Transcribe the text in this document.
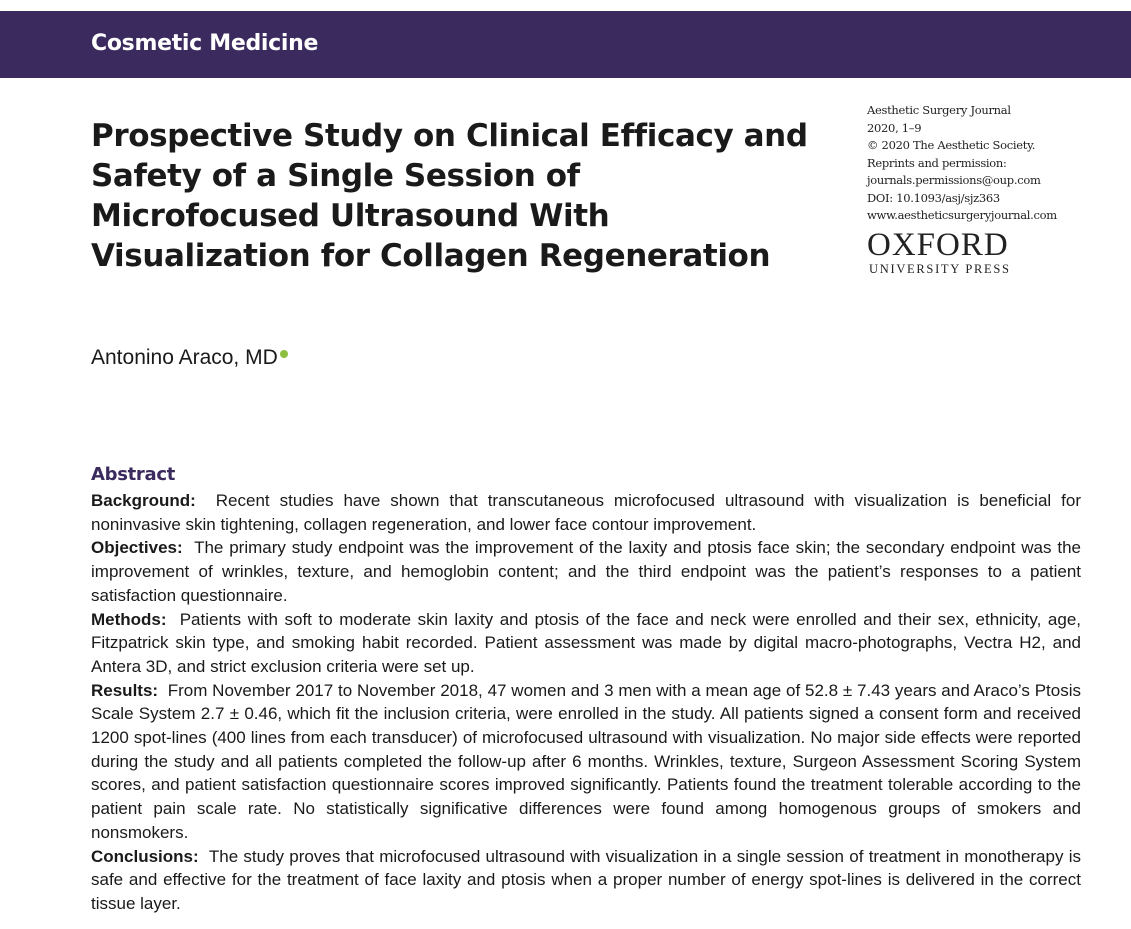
Cosmetic Medicine
Prospective Study on Clinical Efficacy and Safety of a Single Session of Microfocused Ultrasound With Visualization for Collagen Regeneration
Aesthetic Surgery Journal
2020, 1–9
© 2020 The Aesthetic Society.
Reprints and permission:
journals.permissions@oup.com
DOI: 10.1093/asj/sjz363
www.aestheticsurgeryjournal.com
OXFORD
UNIVERSITY PRESS
Antonino Araco, MD
Abstract

Background: Recent studies have shown that transcutaneous microfocused ultrasound with visualization is beneficial for noninvasive skin tightening, collagen regeneration, and lower face contour improvement.

Objectives: The primary study endpoint was the improvement of the laxity and ptosis face skin; the secondary endpoint was the improvement of wrinkles, texture, and hemoglobin content; and the third endpoint was the patient’s responses to a patient satisfaction questionnaire.

Methods: Patients with soft to moderate skin laxity and ptosis of the face and neck were enrolled and their sex, ethnicity, age, Fitzpatrick skin type, and smoking habit recorded. Patient assessment was made by digital macro-photographs, Vectra H2, and Antera 3D, and strict exclusion criteria were set up.

Results: From November 2017 to November 2018, 47 women and 3 men with a mean age of 52.8 ± 7.43 years and Araco’s Ptosis Scale System 2.7 ± 0.46, which fit the inclusion criteria, were enrolled in the study. All patients signed a consent form and received 1200 spot-lines (400 lines from each transducer) of microfocused ultrasound with visualization. No major side effects were reported during the study and all patients completed the follow-up after 6 months. Wrinkles, texture, Surgeon Assessment Scoring System scores, and patient satisfaction questionnaire scores improved significantly. Patients found the treatment tolerable according to the patient pain scale rate. No statistically significative differences were found among homogenous groups of smokers and nonsmokers.

Conclusions: The study proves that microfocused ultrasound with visualization in a single session of treatment in monotherapy is safe and effective for the treatment of face laxity and ptosis when a proper number of energy spot-lines is delivered in the correct tissue layer.
